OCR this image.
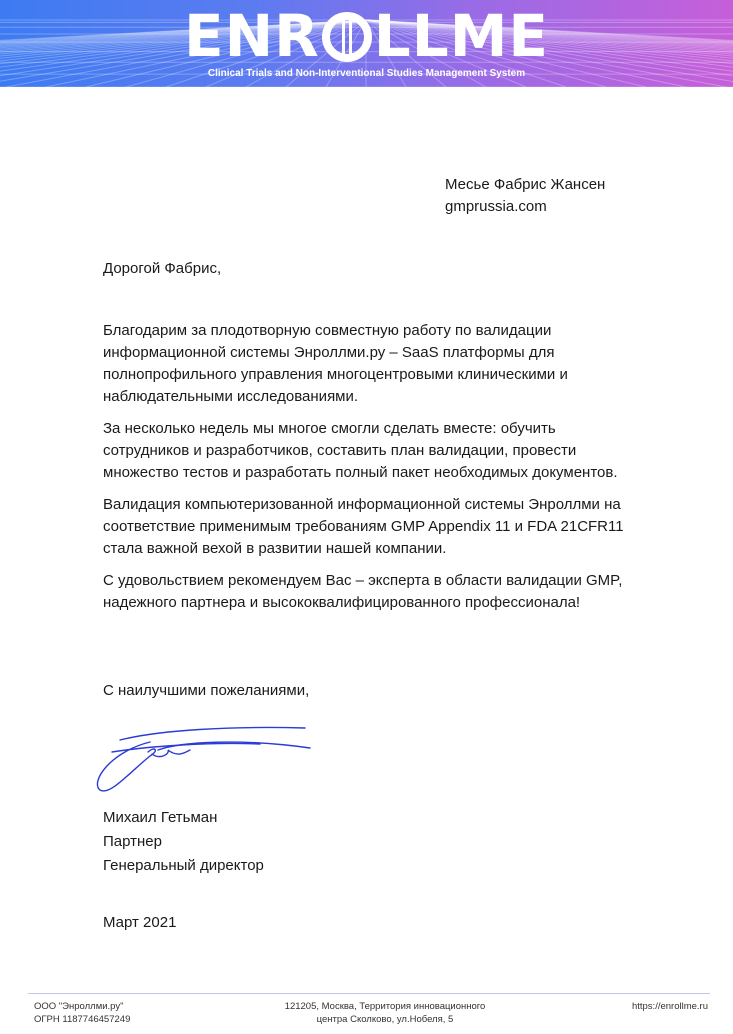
ENR LLME
Clinical Trials and Non-Interventional Studies Management System
Месье Фабрис Жансен
gmprussia.com
Дорогой Фабрис,

Благодарим за плодотворную совместную работу по валидации информационной системы Энроллми.ру – SaaS платформы для полнопрофильного управления многоцентровыми клиническими и наблюдательными исследованиями.

За несколько недель мы многое смогли сделать вместе: обучить сотрудников и разработчиков, составить план валидации, провести множество тестов и разработать полный пакет необходимых документов.

Валидация компьютеризованной информационной системы Энроллми на соответствие применимым требованиям GMP Appendix 11 и FDA 21CFR11 стала важной вехой в развитии нашей компании.

С удовольствием рекомендуем Вас – эксперта в области валидации GMP, надежного партнера и высококвалифицированного профессионала!

С наилучшими пожеланиями,
Михаил Гетьман
Партнер
Генеральный директор
Март 2021
ООО "Энроллми.ру"
ОГРН 1187746457249
121205, Москва, Территория инновационного
центра Сколково, ул.Нобеля, 5
https://enrollme.ru
